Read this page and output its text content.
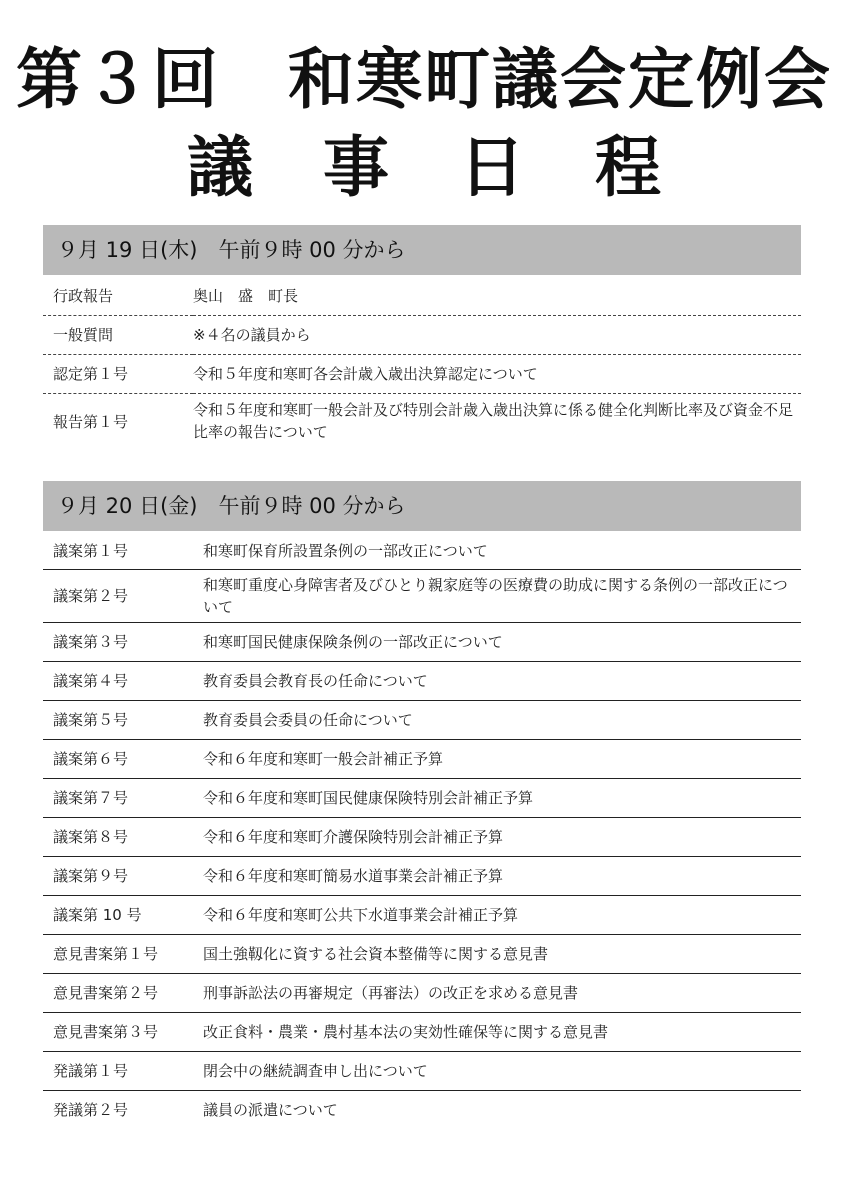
第３回　和寒町議会定例会
議事日程
９月 19 日(木)　午前９時 00 分から
行政報告	奥山　盛　町長
一般質問	※４名の議員から
認定第１号	令和５年度和寒町各会計歳入歳出決算認定について
報告第１号	令和５年度和寒町一般会計及び特別会計歳入歳出決算に係る健全化判断比率及び資金不足比率の報告について
９月 20 日(金)　午前９時 00 分から
議案第１号	和寒町保育所設置条例の一部改正について
議案第２号	和寒町重度心身障害者及びひとり親家庭等の医療費の助成に関する条例の一部改正について
議案第３号	和寒町国民健康保険条例の一部改正について
議案第４号	教育委員会教育長の任命について
議案第５号	教育委員会委員の任命について
議案第６号	令和６年度和寒町一般会計補正予算
議案第７号	令和６年度和寒町国民健康保険特別会計補正予算
議案第８号	令和６年度和寒町介護保険特別会計補正予算
議案第９号	令和６年度和寒町簡易水道事業会計補正予算
議案第 10 号	令和６年度和寒町公共下水道事業会計補正予算
意見書案第１号	国土強靱化に資する社会資本整備等に関する意見書
意見書案第２号	刑事訴訟法の再審規定（再審法）の改正を求める意見書
意見書案第３号	改正食料・農業・農村基本法の実効性確保等に関する意見書
発議第１号	閉会中の継続調査申し出について
発議第２号	議員の派遣について
